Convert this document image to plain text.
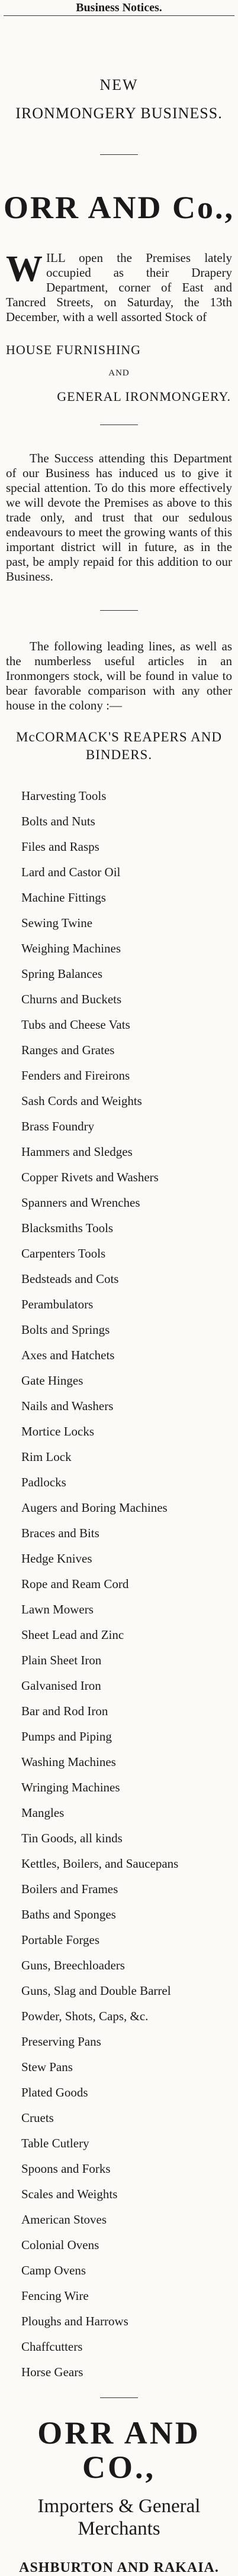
Business Notices.
NEW
IRONMONGERY BUSINESS.
ORR AND Co.,
WILL open the Premises lately occupied as their Drapery Department, corner of East and Tancred Streets, on Saturday, the 13th December, with a well assorted Stock of
HOUSE FURNISHING
AND
GENERAL IRONMONGERY.
The Success attending this Department of our Business has induced us to give it special attention. To do this more effectively we will devote the Premises as above to this trade only, and trust that our sedulous endeavours to meet the growing wants of this important district will in future, as in the past, be amply repaid for this addition to our Business.
The following leading lines, as well as the numberless useful articles in an Ironmongers stock, will be found in value to bear favorable comparison with any other house in the colony :—
McCORMACK'S REAPERS AND BINDERS.
Harvesting Tools
Bolts and Nuts
Files and Rasps
Lard and Castor Oil
Machine Fittings
Sewing Twine
Weighing Machines
Spring Balances
Churns and Buckets
Tubs and Cheese Vats
Ranges and Grates
Fenders and Fireirons
Sash Cords and Weights
Brass Foundry
Hammers and Sledges
Copper Rivets and Washers
Spanners and Wrenches
Blacksmiths Tools
Carpenters Tools
Bedsteads and Cots
Perambulators
Bolts and Springs
Axes and Hatchets
Gate Hinges
Nails and Washers
Mortice Locks
Rim Lock
Padlocks
Augers and Boring Machines
Braces and Bits
Hedge Knives
Rope and Ream Cord
Lawn Mowers
Sheet Lead and Zinc
Plain Sheet Iron
Galvanised Iron
Bar and Rod Iron
Pumps and Piping
Washing Machines
Wringing Machines
Mangles
Tin Goods, all kinds
Kettles, Boilers, and Saucepans
Boilers and Frames
Baths and Sponges
Portable Forges
Guns, Breechloaders
Guns, Slag and Double Barrel
Powder, Shots, Caps, &c.
Preserving Pans
Stew Pans
Plated Goods
Cruets
Table Cutlery
Spoons and Forks
Scales and Weights
American Stoves
Colonial Ovens
Camp Ovens
Fencing Wire
Ploughs and Harrows
Chaffcutters
Horse Gears
ORR AND CO.,
Importers & General Merchants
ASHBURTON AND RAKAIA.
